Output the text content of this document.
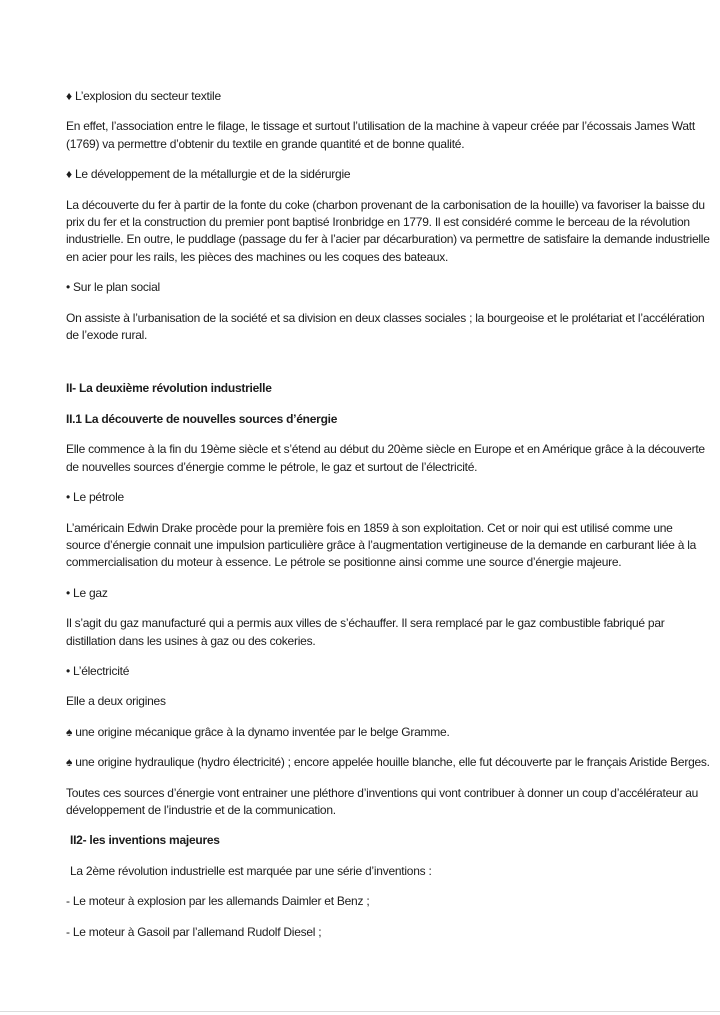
♦ L’explosion du secteur textile

En effet, l’association entre le filage, le tissage et surtout l’utilisation de la machine à vapeur créée par l’écossais James Watt (1769) va permettre d’obtenir du textile en grande quantité et de bonne qualité.

♦ Le développement de la métallurgie et de la sidérurgie

La découverte du fer à partir de la fonte du coke (charbon provenant de la carbonisation de la houille) va favoriser la baisse du prix du fer et la construction du premier pont baptisé Ironbridge en 1779. Il est considéré comme le berceau de la révolution industrielle. En outre, le puddlage (passage du fer à l’acier par décarburation) va permettre de satisfaire la demande industrielle en acier pour les rails, les pièces des machines ou les coques des bateaux.

• Sur le plan social

On assiste à l’urbanisation de la société et sa division en deux classes sociales ; la bourgeoise et le prolétariat et l’accélération de l’exode rural.

II- La deuxième révolution industrielle

II.1 La découverte de nouvelles sources d’énergie

Elle commence à la fin du 19ème siècle et s’étend au début du 20ème siècle en Europe et en Amérique grâce à la découverte de nouvelles sources d’énergie comme le pétrole, le gaz et surtout de l’électricité.

• Le pétrole

L’américain Edwin Drake procède pour la première fois en 1859 à son exploitation. Cet or noir qui est utilisé comme une source d’énergie connait une impulsion particulière grâce à l’augmentation vertigineuse de la demande en carburant liée à la commercialisation du moteur à essence. Le pétrole se positionne ainsi comme une source d’énergie majeure.

• Le gaz

Il s’agit du gaz manufacturé qui a permis aux villes de s’échauffer. Il sera remplacé par le gaz combustible fabriqué par distillation dans les usines à gaz ou des cokeries.

• L’électricité

Elle a deux origines

♠ une origine mécanique grâce à la dynamo inventée par le belge Gramme.

♠ une origine hydraulique (hydro électricité) ; encore appelée houille blanche, elle fut découverte par le français Aristide Berges.

Toutes ces sources d’énergie vont entrainer une pléthore d’inventions qui vont contribuer à donner un coup d’accélérateur au développement de l’industrie et de la communication.

II2- les inventions majeures

La 2ème révolution industrielle est marquée par une série d’inventions :

- Le moteur à explosion par les allemands Daimler et Benz ;

- Le moteur à Gasoil par l’allemand Rudolf Diesel ;
